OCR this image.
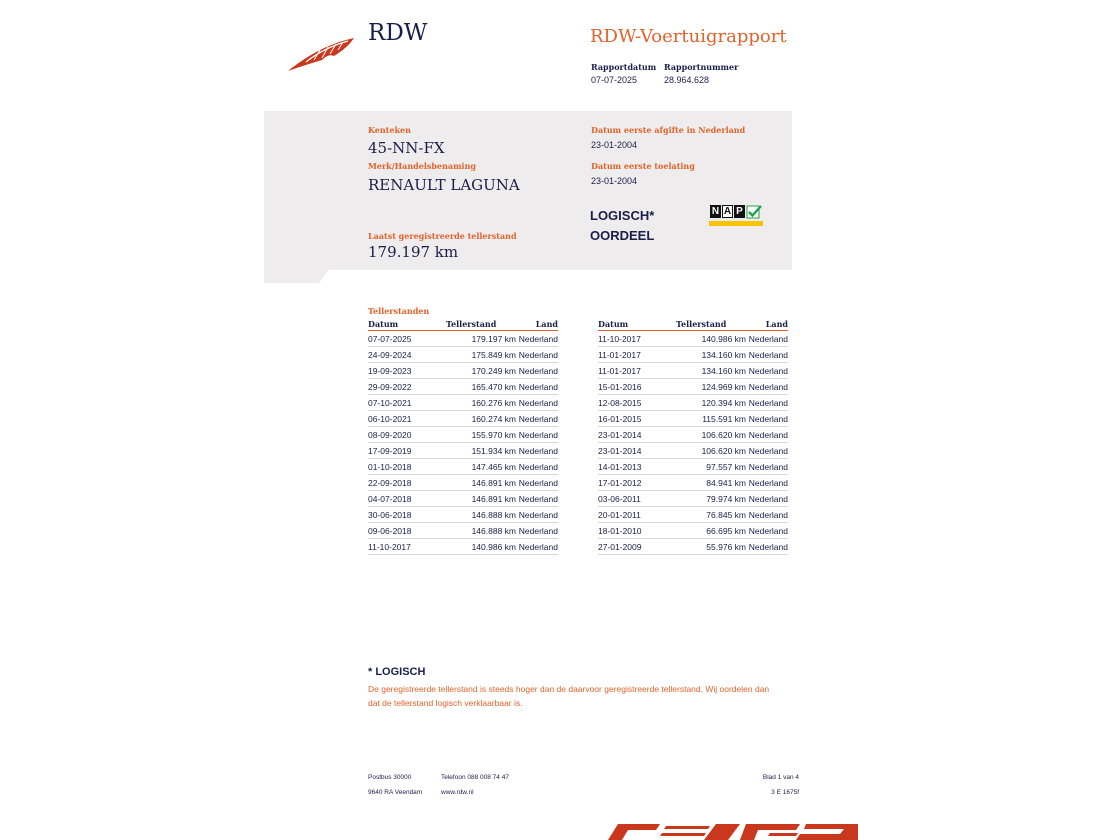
RDW	RDW-Voertuigrapport
Rapportdatum
07-07-2025
Rapportnummer
28.964.628
Kenteken
45-NN-FX
Merk/Handelsbenaming
RENAULT LAGUNA
Laatst geregistreerde tellerstand
179.197 km
Datum eerste afgifte in Nederland
23-01-2004
Datum eerste toelating
23-01-2004
LOGISCH*
OORDEEL
N A P
Tellerstanden
Datum	Tellerstand	Land
07-07-2025	179.197 km	Nederland
24-09-2024	175.849 km	Nederland
19-09-2023	170.249 km	Nederland
29-09-2022	165.470 km	Nederland
07-10-2021	160.276 km	Nederland
06-10-2021	160.274 km	Nederland
08-09-2020	155.970 km	Nederland
17-09-2019	151.934 km	Nederland
01-10-2018	147.465 km	Nederland
22-09-2018	146.891 km	Nederland
04-07-2018	146.891 km	Nederland
30-06-2018	146.888 km	Nederland
09-06-2018	146.888 km	Nederland
11-10-2017	140.986 km	Nederland
Datum	Tellerstand	Land
11-10-2017	140.986 km	Nederland
11-01-2017	134.160 km	Nederland
11-01-2017	134.160 km	Nederland
15-01-2016	124.969 km	Nederland
12-08-2015	120.394 km	Nederland
16-01-2015	115.591 km	Nederland
23-01-2014	106.620 km	Nederland
23-01-2014	106.620 km	Nederland
14-01-2013	97.557 km	Nederland
17-01-2012	84.941 km	Nederland
03-06-2011	79.974 km	Nederland
20-01-2011	76.845 km	Nederland
18-01-2010	66.695 km	Nederland
27-01-2009	55.976 km	Nederland
* LOGISCH
De geregistreerde tellerstand is steeds hoger dan de daarvoor geregistreerde tellerstand. Wij oordelen dan
dat de tellerstand logisch verklaarbaar is.
Postbus 30000
9640 RA Veendam
Telefoon 088 008 74 47
www.rdw.nl
Blad 1 van 4
3 E 1675f
